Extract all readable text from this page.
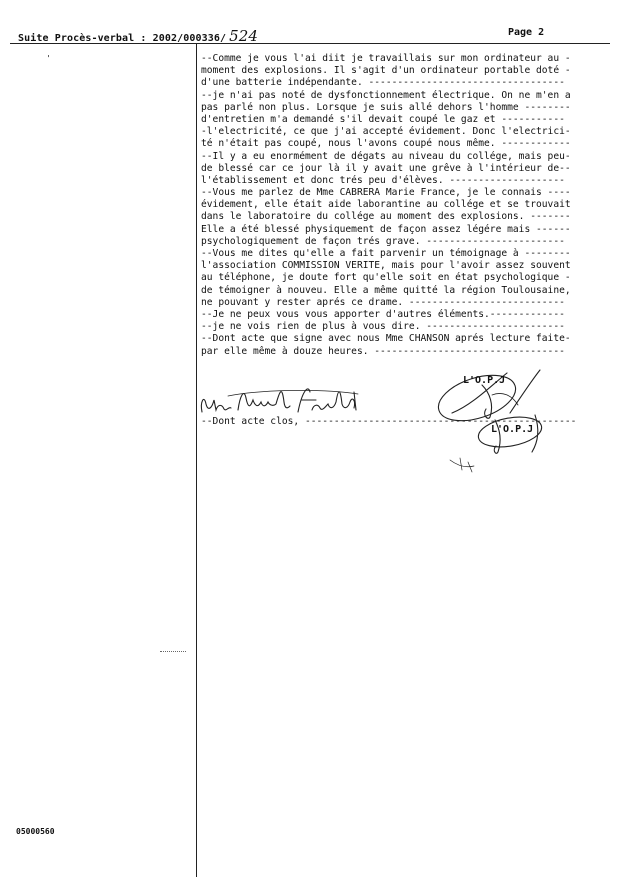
Suite Procès-verbal : 2002/000336/ 524	Page 2
'	--Comme je vous l'ai diit je travaillais sur mon ordinateur au -
moment des explosions. Il s'agit d'un ordinateur portable doté -
d'une batterie indépendante. ----------------------------------
--je n'ai pas noté de dysfonctionnement électrique. On ne m'en a
pas parlé non plus. Lorsque je suis allé dehors l'homme --------
d'entretien m'a demandé s'il devait coupé le gaz et -----------
-l'electricité, ce que j'ai accepté évidement. Donc l'electrici-
té n'était pas coupé, nous l'avons coupé nous même. ------------
--Il y a eu enormément de dégats au niveau du collége, mais peu-
de blessé car ce jour là il y avait une grêve à l'intérieur de--
l'établissement et donc trés peu d'élèves. --------------------
--Vous me parlez de Mme CABRERA Marie France, je le connais ----
évidement, elle était aide laborantine au collége et se trouvait
dans le laboratoire du collége au moment des explosions. -------
Elle a été blessé physiquement de façon assez légére mais ------
psychologiquement de façon trés grave. ------------------------
--Vous me dites qu'elle a fait parvenir un témoignage à --------
l'association COMMISSION VERITE, mais pour l'avoir assez souvent
au téléphone, je doute fort qu'elle soit en état psychologique -
de témoigner à nouveu. Elle a même quitté la région Toulousaine,
ne pouvant y rester aprés ce drame. ---------------------------
--Je ne peux vous vous apporter d'autres éléments.-------------
--je ne vois rien de plus à vous dire. ------------------------
--Dont acte que signe avec nous Mme CHANSON aprés lecture faite-
par elle même à douze heures. ---------------------------------
L'O.P.J
--Dont acte clos, -----------------------------------------------
L'O.P.J
05000560
